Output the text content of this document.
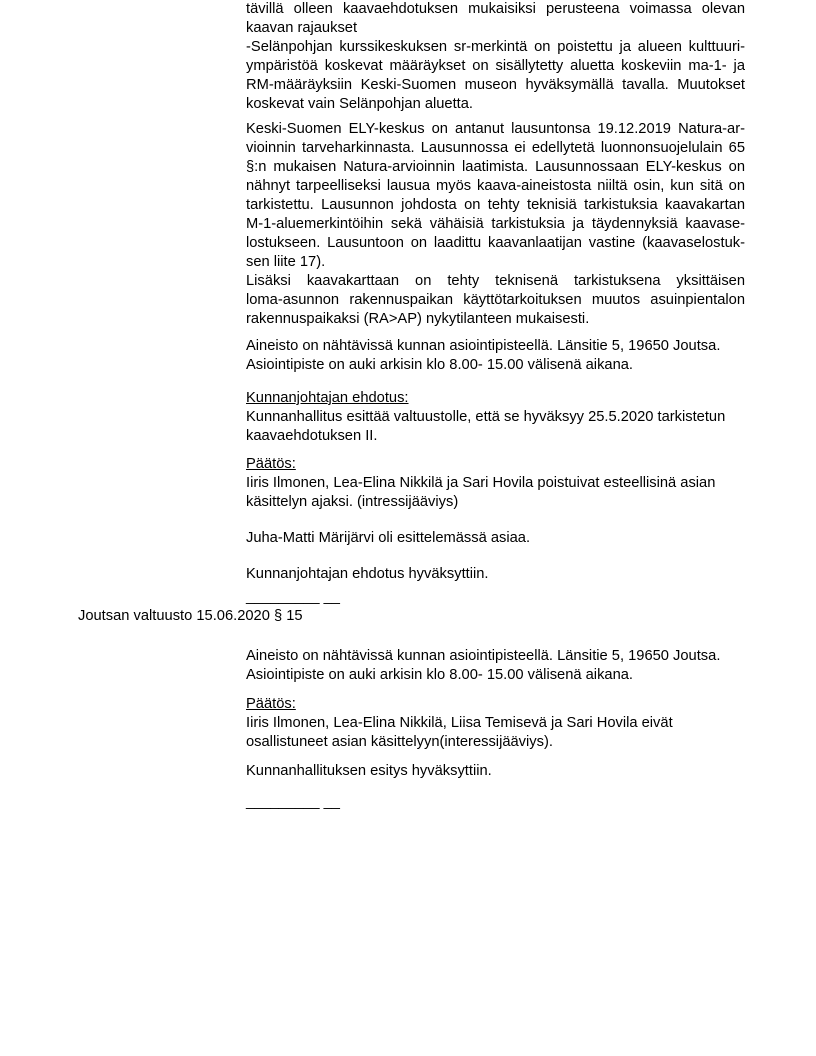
tävillä olleen kaavaehdotuksen mukaisiksi perusteena voimassa olevan
kaavan rajaukset
-Selänpohjan kurssikeskuksen sr-merkintä on poistettu ja alueen kulttuuri-
ympäristöä koskevat määräykset on sisällytetty aluetta koskeviin ma-1- ja
RM-määräyksiin Keski-Suomen museon hyväksymällä tavalla. Muutokset
koskevat vain Selänpohjan aluetta.
Keski-Suomen ELY-keskus on antanut lausuntonsa 19.12.2019 Natura-ar-
vioinnin tarveharkinnasta. Lausunnossa ei edellytetä luonnonsuojelulain 65
§:n mukaisen Natura-arvioinnin laatimista. Lausunnossaan ELY-keskus on
nähnyt tarpeelliseksi lausua myös kaava-aineistosta niiltä osin, kun sitä on
tarkistettu. Lausunnon johdosta on tehty teknisiä tarkistuksia kaavakartan
M-1-aluemerkintöihin sekä vähäisiä tarkistuksia ja täydennyksiä kaavase-
lostukseen. Lausuntoon on laadittu kaavanlaatijan vastine (kaavaselostuk-
sen liite 17).
Lisäksi kaavakarttaan on tehty teknisenä tarkistuksena yksittäisen
loma-asunnon rakennuspaikan käyttötarkoituksen muutos asuinpientalon
rakennuspaikaksi (RA>AP) nykytilanteen mukaisesti.
Aineisto on nähtävissä kunnan asiointipisteellä. Länsitie 5, 19650 Joutsa.
Asiointipiste on auki arkisin klo 8.00- 15.00 välisenä aikana.
Kunnanjohtajan ehdotus:
Kunnanhallitus esittää valtuustolle, että se hyväksyy 25.5.2020 tarkistetun
kaavaehdotuksen II.
Päätös:
Iiris Ilmonen, Lea-Elina Nikkilä ja Sari Hovila poistuivat esteellisinä asian
käsittelyn ajaksi. (intressijääviys)
Juha-Matti Märijärvi oli esittelemässä asiaa.
Kunnanjohtajan ehdotus hyväksyttiin.
_________ __
Joutsan valtuusto 15.06.2020 § 15
Aineisto on nähtävissä kunnan asiointipisteellä. Länsitie 5, 19650 Joutsa.
Asiointipiste on auki arkisin klo 8.00- 15.00 välisenä aikana.
Päätös:
Iiris Ilmonen, Lea-Elina Nikkilä, Liisa Temisevä ja Sari Hovila eivät
osallistuneet asian käsittelyyn(interessijääviys).
Kunnanhallituksen esitys hyväksyttiin.
_________ __
